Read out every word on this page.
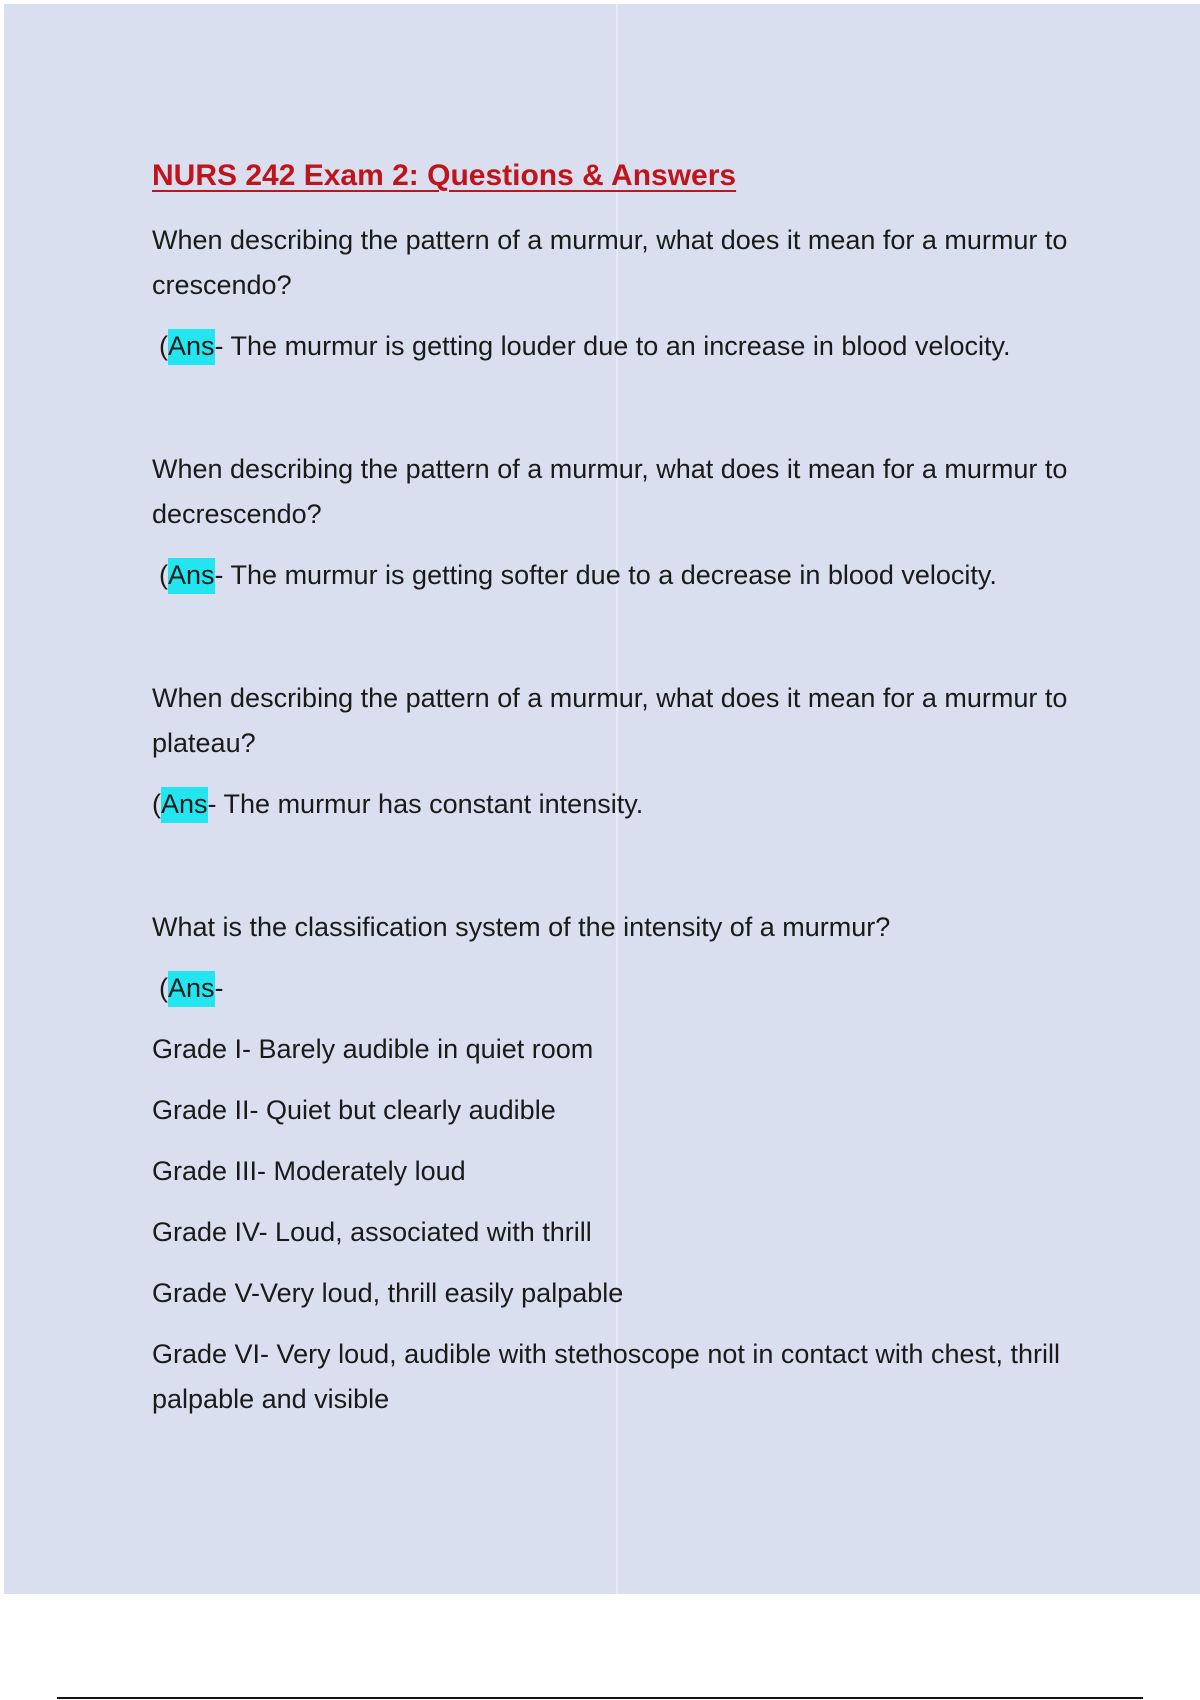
NURS 242 Exam 2: Questions & Answers

When describing the pattern of a murmur, what does it mean for a murmur to crescendo?

(Ans- The murmur is getting louder due to an increase in blood velocity.

When describing the pattern of a murmur, what does it mean for a murmur to decrescendo?

(Ans- The murmur is getting softer due to a decrease in blood velocity.

When describing the pattern of a murmur, what does it mean for a murmur to plateau?

(Ans- The murmur has constant intensity.

What is the classification system of the intensity of a murmur?

(Ans-

Grade I- Barely audible in quiet room
Grade II- Quiet but clearly audible
Grade III- Moderately loud
Grade IV- Loud, associated with thrill
Grade V-Very loud, thrill easily palpable
Grade VI- Very loud, audible with stethoscope not in contact with chest, thrill palpable and visible
